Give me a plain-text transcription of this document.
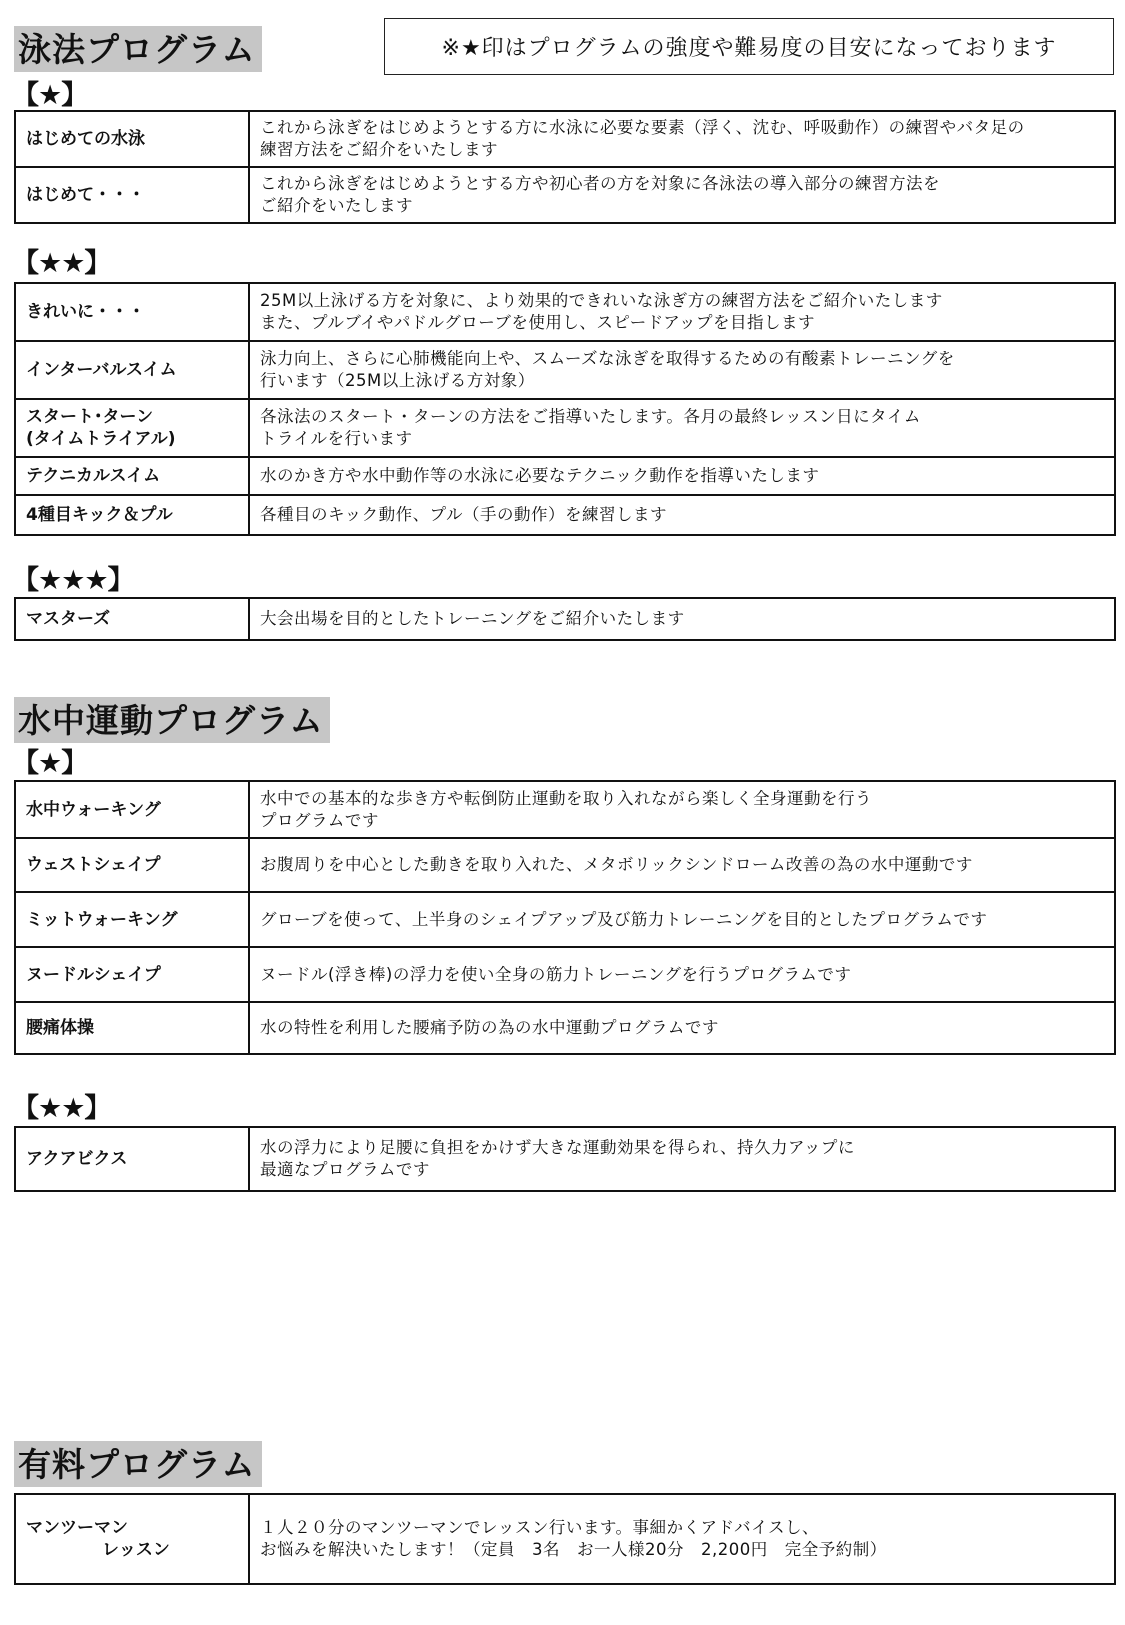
泳法プログラム	※★印はプログラムの強度や難易度の目安になっております
【★】
はじめての水泳	これから泳ぎをはじめようとする方に水泳に必要な要素（浮く、沈む、呼吸動作）の練習やバタ足の
練習方法をご紹介をいたします
はじめて・・・	これから泳ぎをはじめようとする方や初心者の方を対象に各泳法の導入部分の練習方法を
ご紹介をいたします
【★★】
きれいに・・・	25M以上泳げる方を対象に、より効果的できれいな泳ぎ方の練習方法をご紹介いたします
また、プルブイやパドルグローブを使用し、スピードアップを目指します
インターバルスイム	泳力向上、さらに心肺機能向上や、スムーズな泳ぎを取得するための有酸素トレーニングを
行います（25M以上泳げる方対象）
スタート･ターン
(タイムトライアル)	各泳法のスタート・ターンの方法をご指導いたします。各月の最終レッスン日にタイム
トライルを行います
テクニカルスイム	水のかき方や水中動作等の水泳に必要なテクニック動作を指導いたします
4種目キック＆プル	各種目のキック動作、プル（手の動作）を練習します
【★★★】
マスターズ	大会出場を目的としたトレーニングをご紹介いたします
水中運動プログラム
【★】
水中ウォーキング	水中での基本的な歩き方や転倒防止運動を取り入れながら楽しく全身運動を行う
プログラムです
ウェストシェイプ	お腹周りを中心とした動きを取り入れた、メタボリックシンドローム改善の為の水中運動です
ミットウォーキング	グローブを使って、上半身のシェイプアップ及び筋力トレーニングを目的としたプログラムです
ヌードルシェイプ	ヌードル(浮き棒)の浮力を使い全身の筋力トレーニングを行うプログラムです
腰痛体操	水の特性を利用した腰痛予防の為の水中運動プログラムです
【★★】
アクアビクス	水の浮力により足腰に負担をかけず大きな運動効果を得られ、持久力アップに
最適なプログラムです
有料プログラム

マンツーマン

レッスン

	１人２０分のマンツーマンでレッスン行います。事細かくアドバイスし、
お悩みを解決いたします！（定員　3名　お一人様20分　2,200円　完全予約制）
